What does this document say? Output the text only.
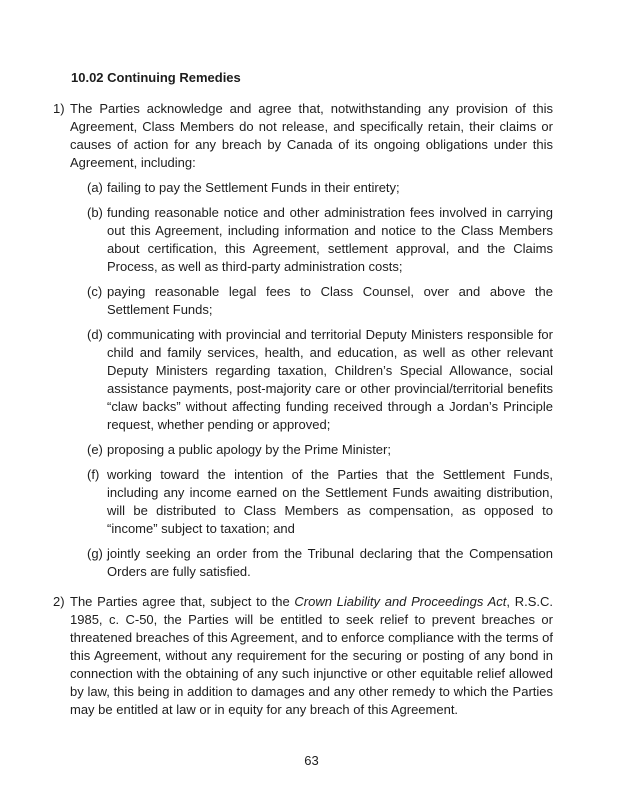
10.02 Continuing Remedies
1) The Parties acknowledge and agree that, notwithstanding any provision of this Agreement, Class Members do not release, and specifically retain, their claims or causes of action for any breach by Canada of its ongoing obligations under this Agreement, including:
(a) failing to pay the Settlement Funds in their entirety;
(b) funding reasonable notice and other administration fees involved in carrying out this Agreement, including information and notice to the Class Members about certification, this Agreement, settlement approval, and the Claims Process, as well as third-party administration costs;
(c) paying reasonable legal fees to Class Counsel, over and above the Settlement Funds;
(d) communicating with provincial and territorial Deputy Ministers responsible for child and family services, health, and education, as well as other relevant Deputy Ministers regarding taxation, Children’s Special Allowance, social assistance payments, post-majority care or other provincial/territorial benefits “claw backs” without affecting funding received through a Jordan’s Principle request, whether pending or approved;
(e) proposing a public apology by the Prime Minister;
(f) working toward the intention of the Parties that the Settlement Funds, including any income earned on the Settlement Funds awaiting distribution, will be distributed to Class Members as compensation, as opposed to “income” subject to taxation; and
(g) jointly seeking an order from the Tribunal declaring that the Compensation Orders are fully satisfied.
2) The Parties agree that, subject to the Crown Liability and Proceedings Act, R.S.C. 1985, c. C-50, the Parties will be entitled to seek relief to prevent breaches or threatened breaches of this Agreement, and to enforce compliance with the terms of this Agreement, without any requirement for the securing or posting of any bond in connection with the obtaining of any such injunctive or other equitable relief allowed by law, this being in addition to damages and any other remedy to which the Parties may be entitled at law or in equity for any breach of this Agreement.
63
